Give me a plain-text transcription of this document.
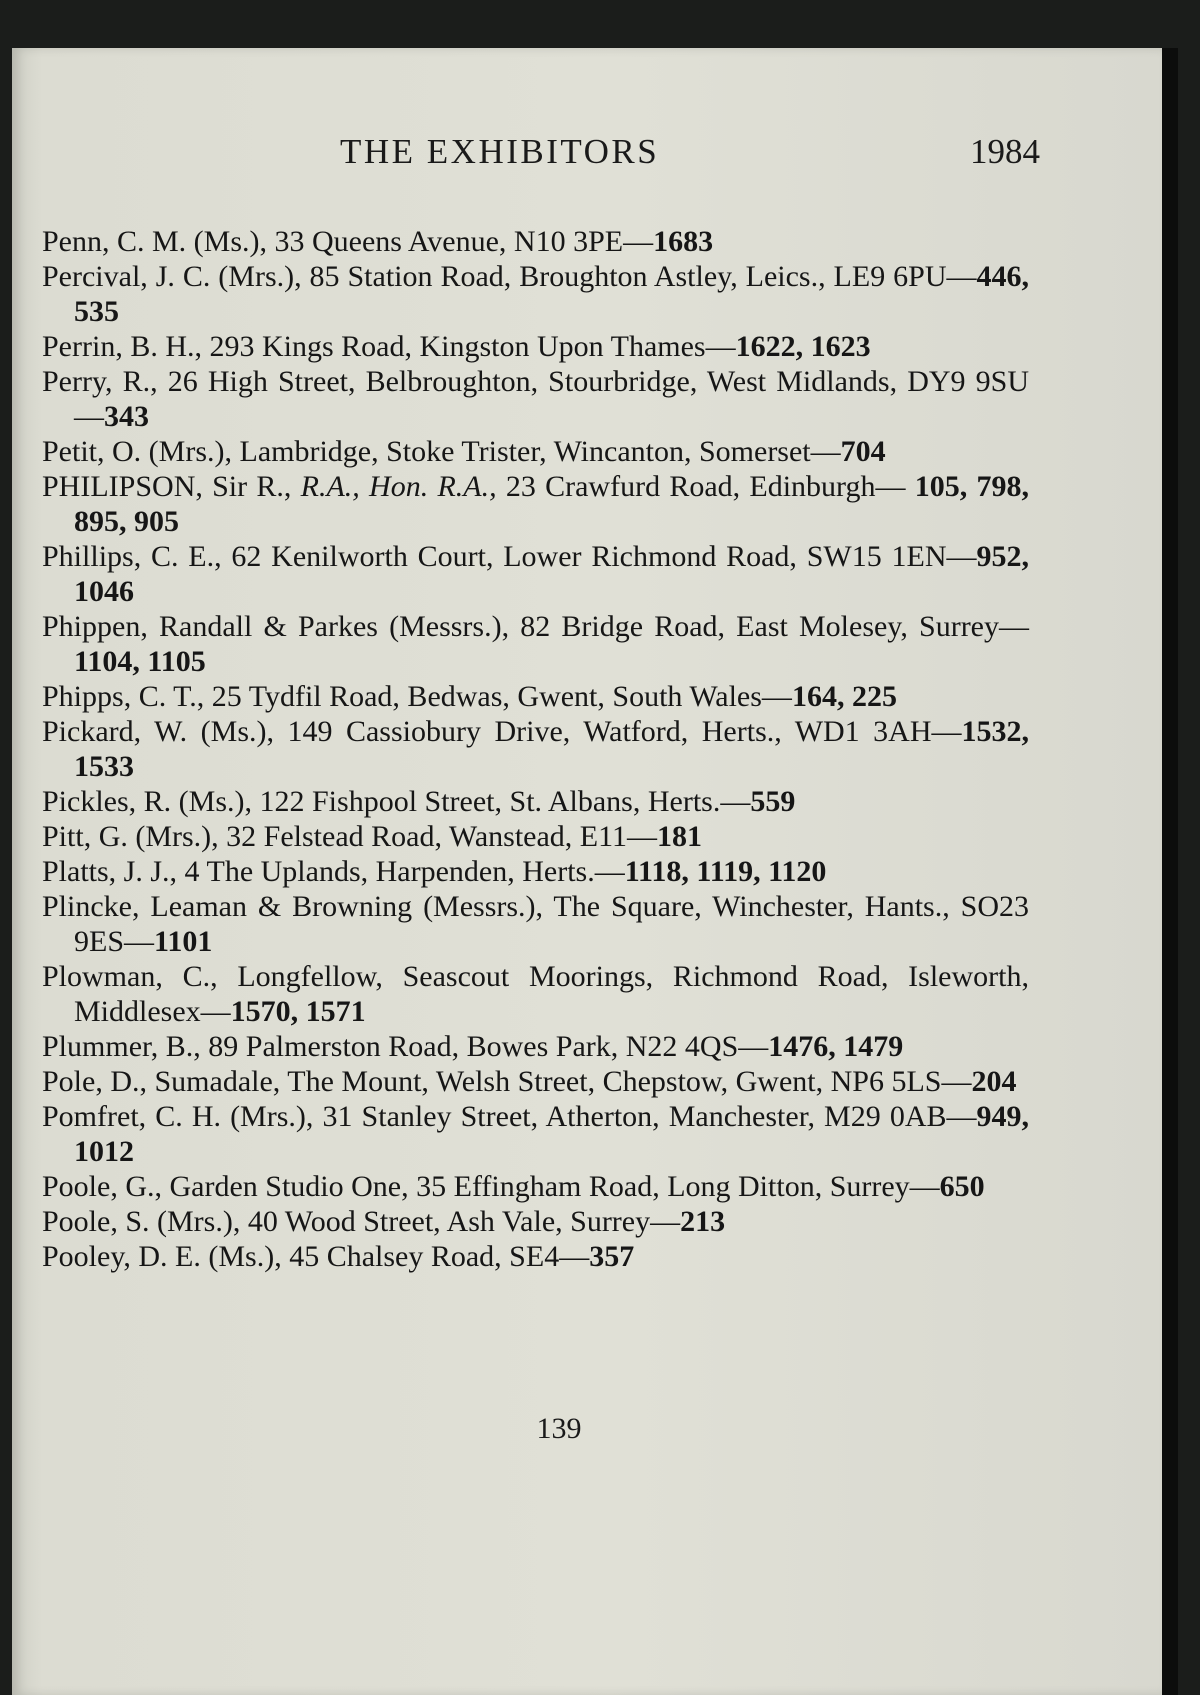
THE EXHIBITORS	1984

Penn, C. M. (Ms.), 33 Queens Avenue, N10 3PE—1683

Percival, J. C. (Mrs.), 85 Station Road, Broughton Astley, Leics., LE9 6PU—446, 535

Perrin, B. H., 293 Kings Road, Kingston Upon Thames—1622, 1623

Perry, R., 26 High Street, Belbroughton, Stourbridge, West Midlands, DY9 9SU—343

Petit, O. (Mrs.), Lambridge, Stoke Trister, Wincanton, Somerset—704

PHILIPSON, Sir R., R.A., Hon. R.A., 23 Crawfurd Road, Edinburgh— 105, 798, 895, 905

Phillips, C. E., 62 Kenilworth Court, Lower Richmond Road, SW15 1EN—952, 1046

Phippen, Randall & Parkes (Messrs.), 82 Bridge Road, East Molesey, Surrey—1104, 1105

Phipps, C. T., 25 Tydfil Road, Bedwas, Gwent, South Wales—164, 225

Pickard, W. (Ms.), 149 Cassiobury Drive, Watford, Herts., WD1 3AH—1532, 1533

Pickles, R. (Ms.), 122 Fishpool Street, St. Albans, Herts.—559

Pitt, G. (Mrs.), 32 Felstead Road, Wanstead, E11—181

Platts, J. J., 4 The Uplands, Harpenden, Herts.—1118, 1119, 1120

Plincke, Leaman & Browning (Messrs.), The Square, Winchester, Hants., SO23 9ES—1101

Plowman, C., Longfellow, Seascout Moorings, Richmond Road, Isleworth, Middlesex—1570, 1571

Plummer, B., 89 Palmerston Road, Bowes Park, N22 4QS—1476, 1479

Pole, D., Sumadale, The Mount, Welsh Street, Chepstow, Gwent, NP6 5LS—204

Pomfret, C. H. (Mrs.), 31 Stanley Street, Atherton, Manchester, M29 0AB—949, 1012

Poole, G., Garden Studio One, 35 Effingham Road, Long Ditton, Surrey—650

Poole, S. (Mrs.), 40 Wood Street, Ash Vale, Surrey—213

Pooley, D. E. (Ms.), 45 Chalsey Road, SE4—357

139
